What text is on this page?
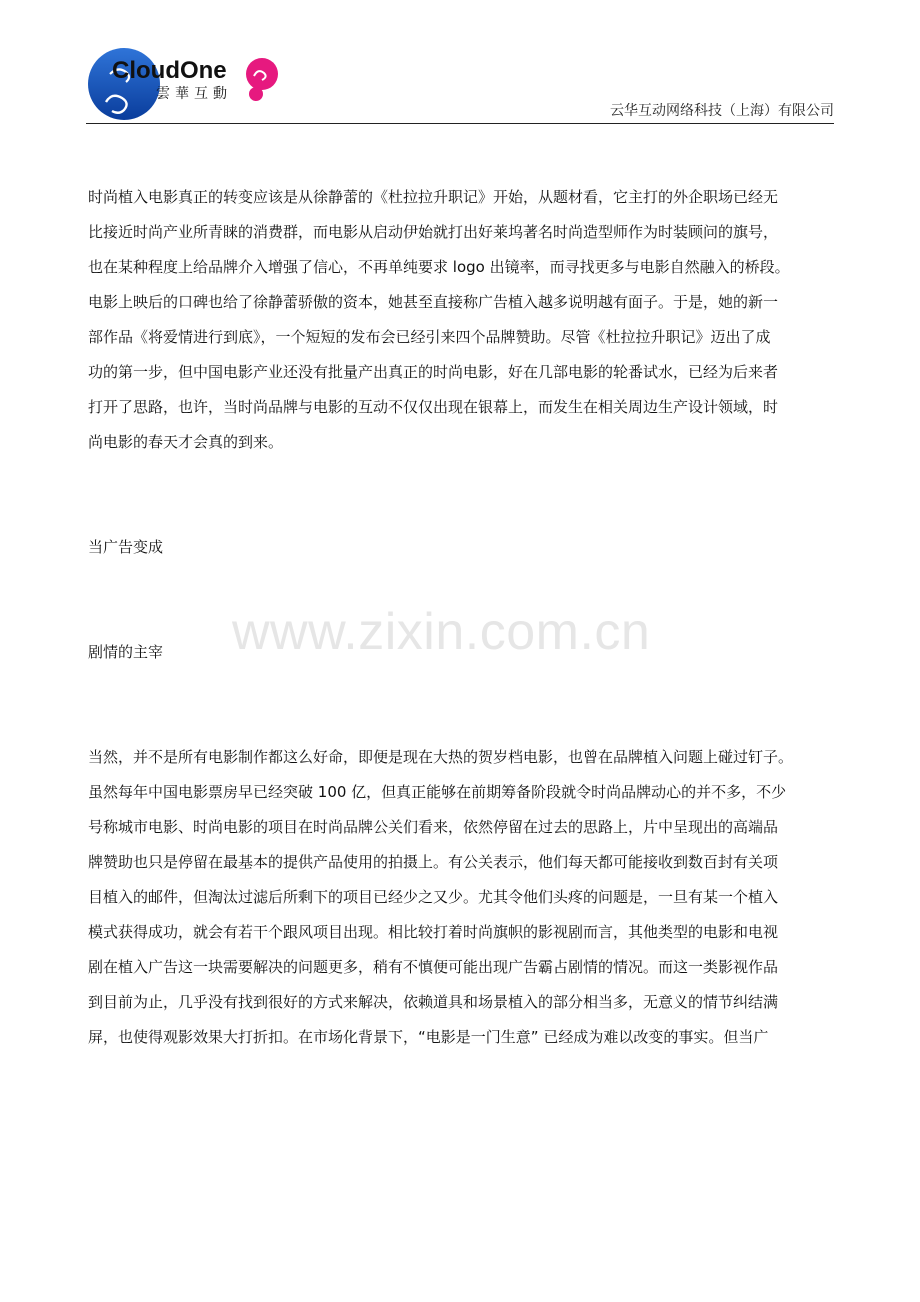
CloudOne
雲華互動
云华互动网络科技（上海）有限公司
www.zixin.com.cn
时尚植入电影真正的转变应该是从徐静蕾的《杜拉拉升职记》开始，从题材看，它主打的外企职场已经无
比接近时尚产业所青睐的消费群，而电影从启动伊始就打出好莱坞著名时尚造型师作为时装顾问的旗号，
也在某种程度上给品牌介入增强了信心，不再单纯要求 logo 出镜率，而寻找更多与电影自然融入的桥段。
电影上映后的口碑也给了徐静蕾骄傲的资本，她甚至直接称广告植入越多说明越有面子。于是，她的新一
部作品《将爱情进行到底》，一个短短的发布会已经引来四个品牌赞助。尽管《杜拉拉升职记》迈出了成
功的第一步，但中国电影产业还没有批量产出真正的时尚电影，好在几部电影的轮番试水，已经为后来者
打开了思路，也许，当时尚品牌与电影的互动不仅仅出现在银幕上，而发生在相关周边生产设计领域，时
尚电影的春天才会真的到来。
当广告变成
剧情的主宰
当然，并不是所有电影制作都这么好命，即便是现在大热的贺岁档电影，也曾在品牌植入问题上碰过钉子。
虽然每年中国电影票房早已经突破 100 亿，但真正能够在前期筹备阶段就令时尚品牌动心的并不多，不少
号称城市电影、时尚电影的项目在时尚品牌公关们看来，依然停留在过去的思路上，片中呈现出的高端品
牌赞助也只是停留在最基本的提供产品使用的拍摄上。有公关表示，他们每天都可能接收到数百封有关项
目植入的邮件，但淘汰过滤后所剩下的项目已经少之又少。尤其令他们头疼的问题是，一旦有某一个植入
模式获得成功，就会有若干个跟风项目出现。相比较打着时尚旗帜的影视剧而言，其他类型的电影和电视
剧在植入广告这一块需要解决的问题更多，稍有不慎便可能出现广告霸占剧情的情况。而这一类影视作品
到目前为止，几乎没有找到很好的方式来解决，依赖道具和场景植入的部分相当多，无意义的情节纠结满
屏，也使得观影效果大打折扣。在市场化背景下，“电影是一门生意” 已经成为难以改变的事实。但当广
